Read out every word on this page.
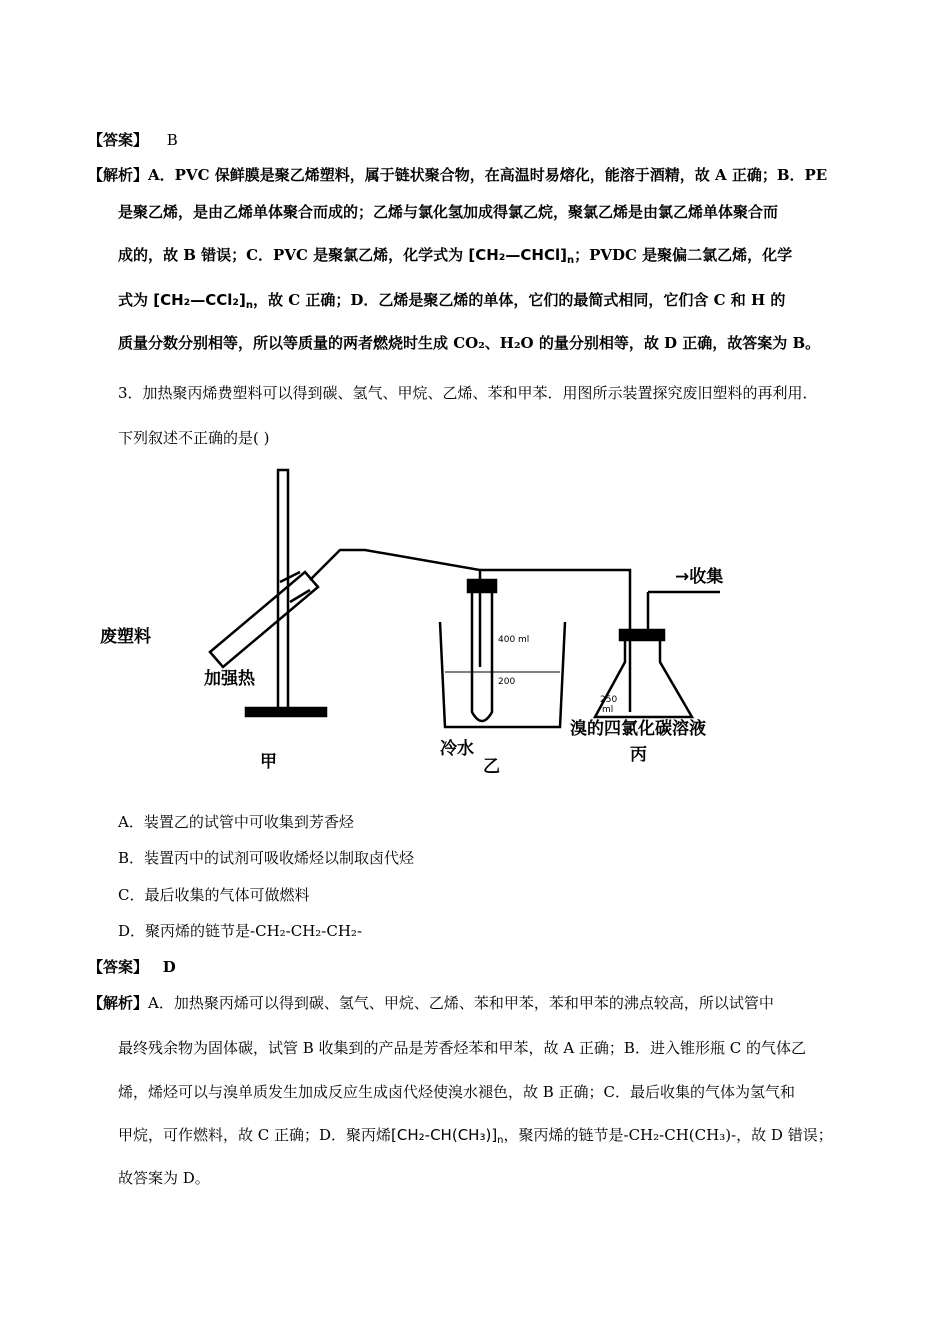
【答案】 B
【解析】A．PVC 保鲜膜是聚乙烯塑料，属于链状聚合物，在高温时易熔化，能溶于酒精，故 A 正确；B．PE
是聚乙烯，是由乙烯单体聚合而成的；乙烯与氯化氢加成得氯乙烷，聚氯乙烯是由氯乙烯单体聚合而
成的，故 B 错误；C．PVC 是聚氯乙烯，化学式为 $[CH_2—CHCl]_n$；PVDC 是聚偏二氯乙烯，化学
式为 $[CH_2—CCl_2]_n$，故 C 正确；D．乙烯是聚乙烯的单体，它们的最简式相同，它们含 C 和 H 的
质量分数分别相等，所以等质量的两者燃烧时生成 CO₂、H₂O 的量分别相等，故 D 正确，故答案为 B。
3．加热聚丙烯费塑料可以得到碳、氢气、甲烷、乙烯、苯和甲苯．用图所示装置探究废旧塑料的再利用．
下列叙述不正确的是( )
废塑料
加强热
冷水
溴的四氯化碳溶液
→收集
甲	乙
丙
400 ml
200
250
ml
A．装置乙的试管中可收集到芳香烃
B．装置丙中的试剂可吸收烯烃以制取卤代烃
C．最后收集的气体可做燃料
D．聚丙烯的链节是-CH₂-CH₂-CH₂-
【答案】 D
【解析】A．加热聚丙烯可以得到碳、氢气、甲烷、乙烯、苯和甲苯，苯和甲苯的沸点较高，所以试管中
最终残余物为固体碳，试管 B 收集到的产品是芳香烃苯和甲苯，故 A 正确；B．进入锥形瓶 C 的气体乙
烯，烯烃可以与溴单质发生加成反应生成卤代烃使溴水褪色，故 B 正确；C．最后收集的气体为氢气和
甲烷，可作燃料，故 C 正确；D．聚丙烯$[CH_2-CH(CH_3)]_n$，聚丙烯的链节是-CH₂-CH(CH₃)-，故 D 错误；
故答案为 D。
